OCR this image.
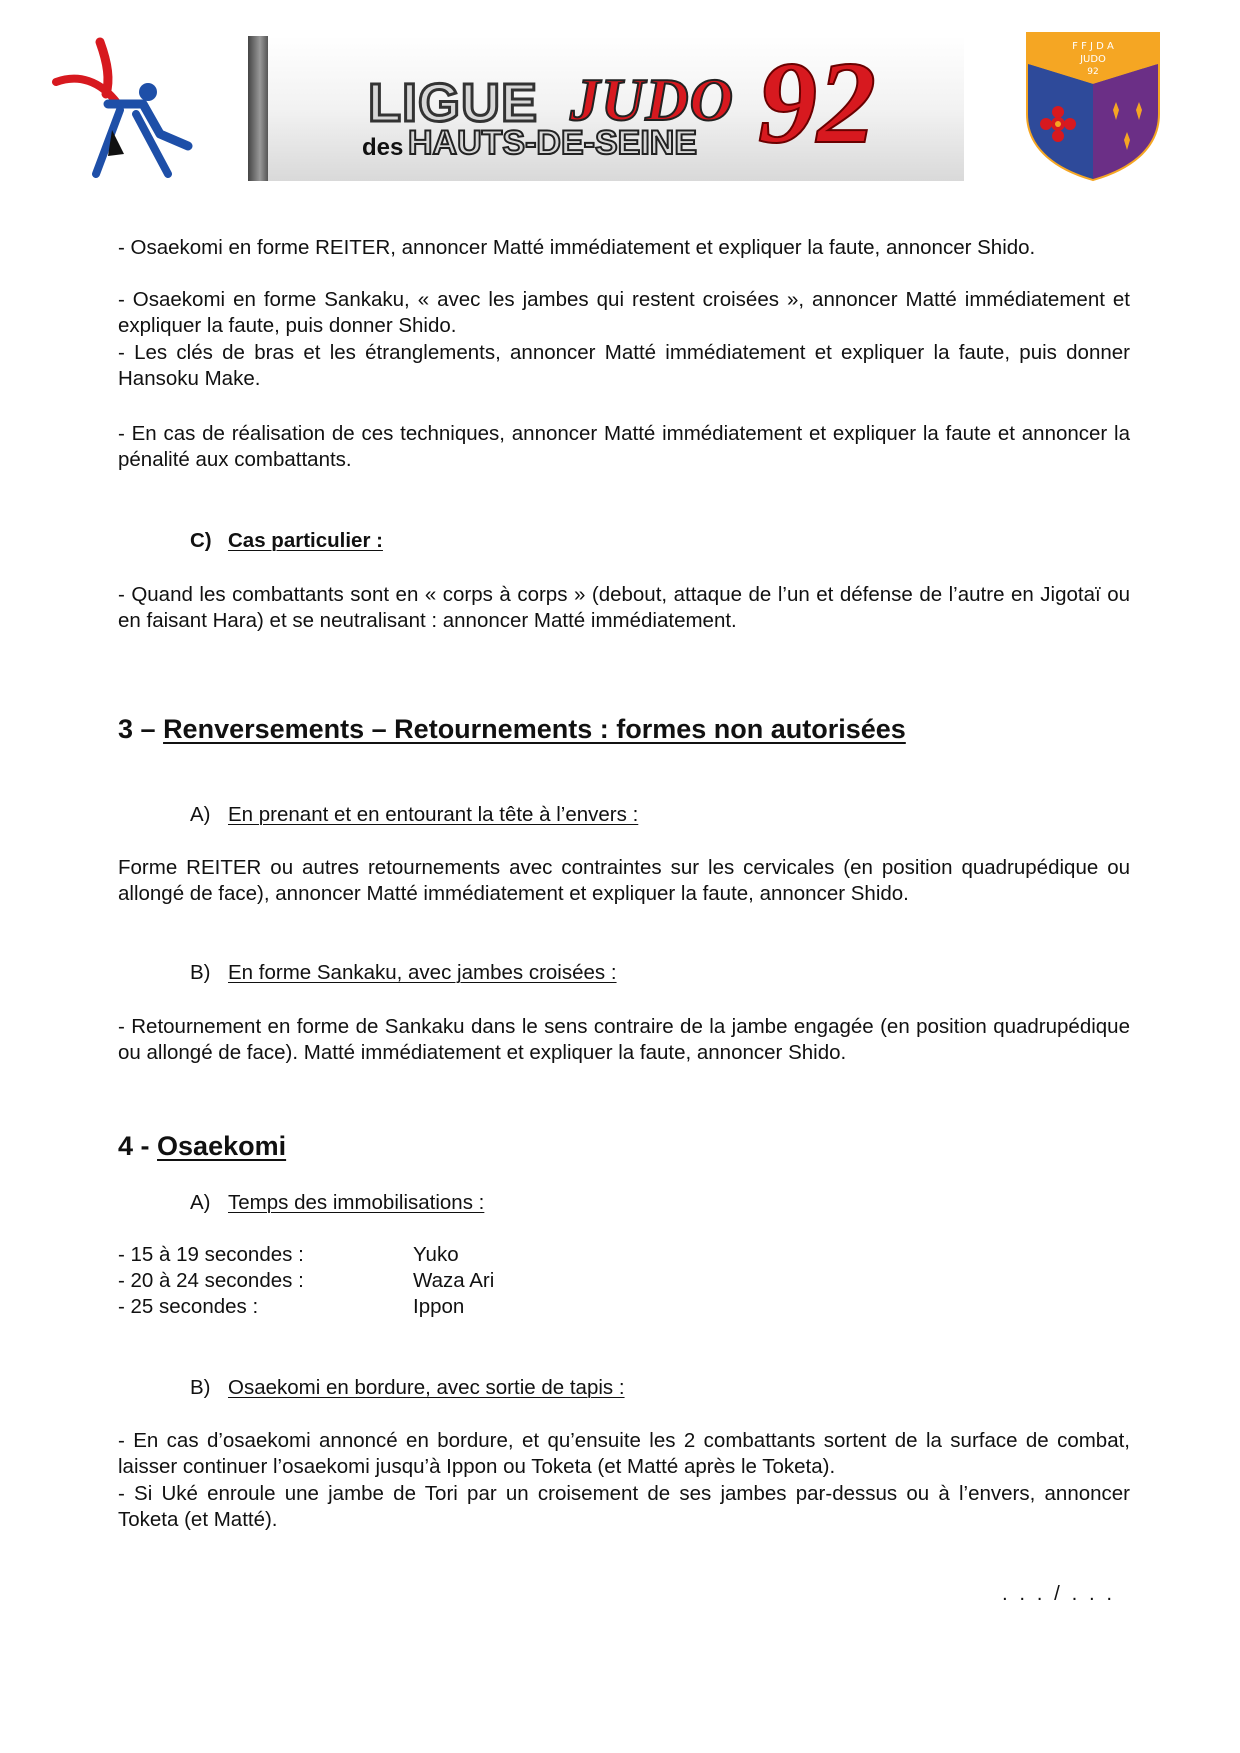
LIGUE JUDO
des HAUTS-DE-SEINE 92	F F J D A
JUDO
92

- Osaekomi en forme REITER, annoncer Matté immédiatement et expliquer la faute, annoncer Shido.

- Osaekomi en forme Sankaku, « avec les jambes qui restent croisées », annoncer Matté immédiatement et expliquer la faute, puis donner Shido.

- Les clés de bras et les étranglements, annoncer Matté immédiatement et expliquer la faute, puis donner Hansoku Make.

- En cas de réalisation de ces techniques, annoncer Matté immédiatement et expliquer la faute et annoncer la pénalité aux combattants.

C) Cas particulier :

- Quand les combattants sont en « corps à corps » (debout, attaque de l’un et défense de l’autre en Jigotaï ou en faisant Hara) et se neutralisant : annoncer Matté immédiatement.

3 – Renversements – Retournements : formes non autorisées

A) En prenant et en entourant la tête à l’envers :

Forme REITER ou autres retournements avec contraintes sur les cervicales (en position quadrupédique ou allongé de face), annoncer Matté immédiatement et expliquer la faute, annoncer Shido.

B) En forme Sankaku, avec jambes croisées :

- Retournement en forme de Sankaku dans le sens contraire de la jambe engagée (en position quadrupédique ou allongé de face). Matté immédiatement et expliquer la faute, annoncer Shido.

4 - Osaekomi

A) Temps des immobilisations :

- 15 à 19 secondes :	Yuko
- 20 à 24 secondes :	Waza Ari
- 25 secondes :	Ippon

B) Osaekomi en bordure, avec sortie de tapis :

- En cas d’osaekomi annoncé en bordure, et qu’ensuite les 2 combattants sortent de la surface de combat, laisser continuer l’osaekomi jusqu’à Ippon ou Toketa (et Matté après le Toketa).

- Si Uké enroule une jambe de Tori par un croisement de ses jambes par-dessus ou à l’envers, annoncer Toketa (et Matté).

. . . / . . .
